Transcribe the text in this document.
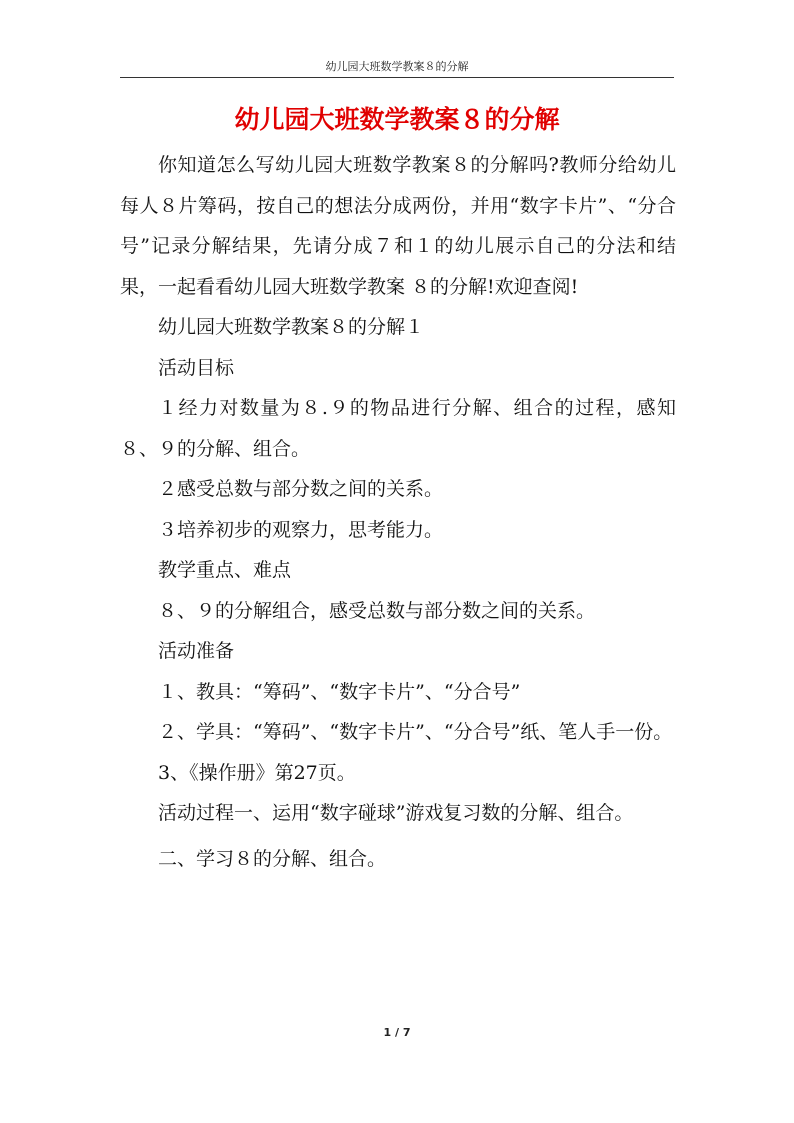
幼儿园大班数学教案８的分解
幼儿园大班数学教案８的分解

你知道怎么写幼儿园大班数学教案８的分解吗?教师分给幼儿每人８片筹码，按自己的想法分成两份，并用“数字卡片”、“分合号”记录分解结果，先请分成７和１的幼儿展示自己的分法和结果，一起看看幼儿园大班数学教案 ８的分解!欢迎查阅!

幼儿园大班数学教案８的分解１

活动目标

１经力对数量为８.９的物品进行分解、组合的过程，感知８、９的分解、组合。

２感受总数与部分数之间的关系。

３培养初步的观察力，思考能力。

教学重点、难点

８、９的分解组合，感受总数与部分数之间的关系。

活动准备

１、教具：“筹码”、“数字卡片”、“分合号”

２、学具：“筹码”、“数字卡片”、“分合号”纸、笔人手一份。

3、《操作册》第27页。

活动过程一、运用“数字碰球”游戏复习数的分解、组合。

二、学习８的分解、组合。

1 / 7
